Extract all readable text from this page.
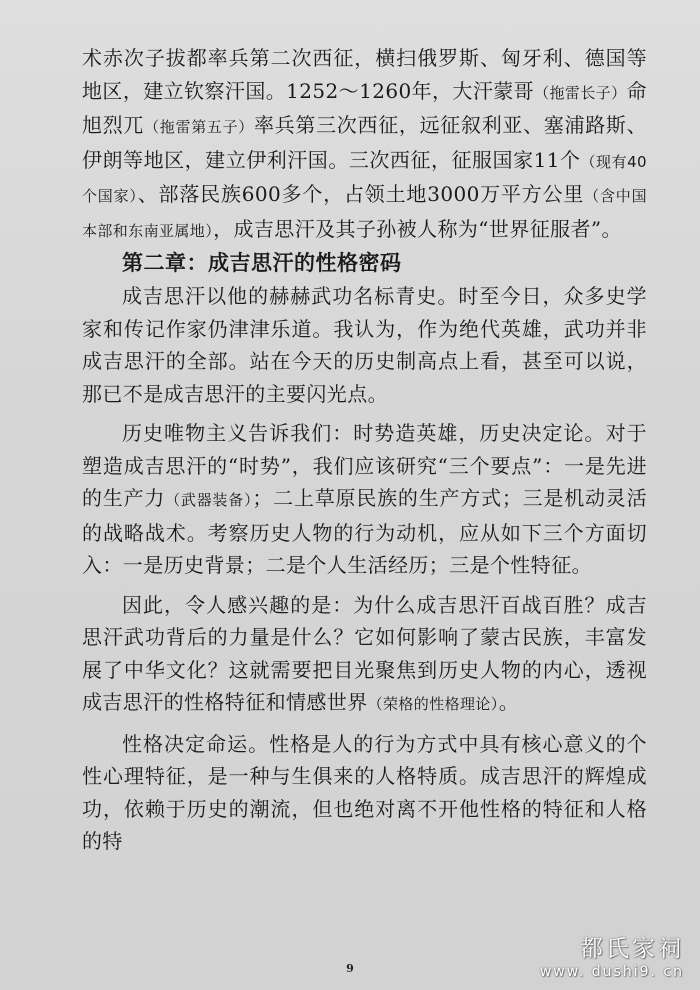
术赤次子拔都率兵第二次西征，横扫俄罗斯、匈牙利、德国等地区，建立钦察汗国。1252～1260年，大汗蒙哥（拖雷长子）命旭烈兀（拖雷第五子）率兵第三次西征，远征叙利亚、塞浦路斯、伊朗等地区，建立伊利汗国。三次西征，征服国家11个（现有40个国家）、部落民族600多个，占领土地3000万平方公里（含中国本部和东南亚属地），成吉思汗及其子孙被人称为“世界征服者”。

第二章：成吉思汗的性格密码

成吉思汗以他的赫赫武功名标青史。时至今日，众多史学家和传记作家仍津津乐道。我认为，作为绝代英雄，武功并非成吉思汗的全部。站在今天的历史制高点上看，甚至可以说，那已不是成吉思汗的主要闪光点。

历史唯物主义告诉我们：时势造英雄，历史决定论。对于塑造成吉思汗的“时势”，我们应该研究“三个要点”：一是先进的生产力（武器装备）；二上草原民族的生产方式；三是机动灵活的战略战术。考察历史人物的行为动机，应从如下三个方面切入：一是历史背景；二是个人生活经历；三是个性特征。

因此，令人感兴趣的是：为什么成吉思汗百战百胜？成吉思汗武功背后的力量是什么？它如何影响了蒙古民族，丰富发展了中华文化？这就需要把目光聚焦到历史人物的内心，透视成吉思汗的性格特征和情感世界（荣格的性格理论）。

性格决定命运。性格是人的行为方式中具有核心意义的个性心理特征，是一种与生俱来的人格特质。成吉思汗的辉煌成功，依赖于历史的潮流，但也绝对离不开他性格的特征和人格的特

9
都氏家祠
www. dushi9. cn
